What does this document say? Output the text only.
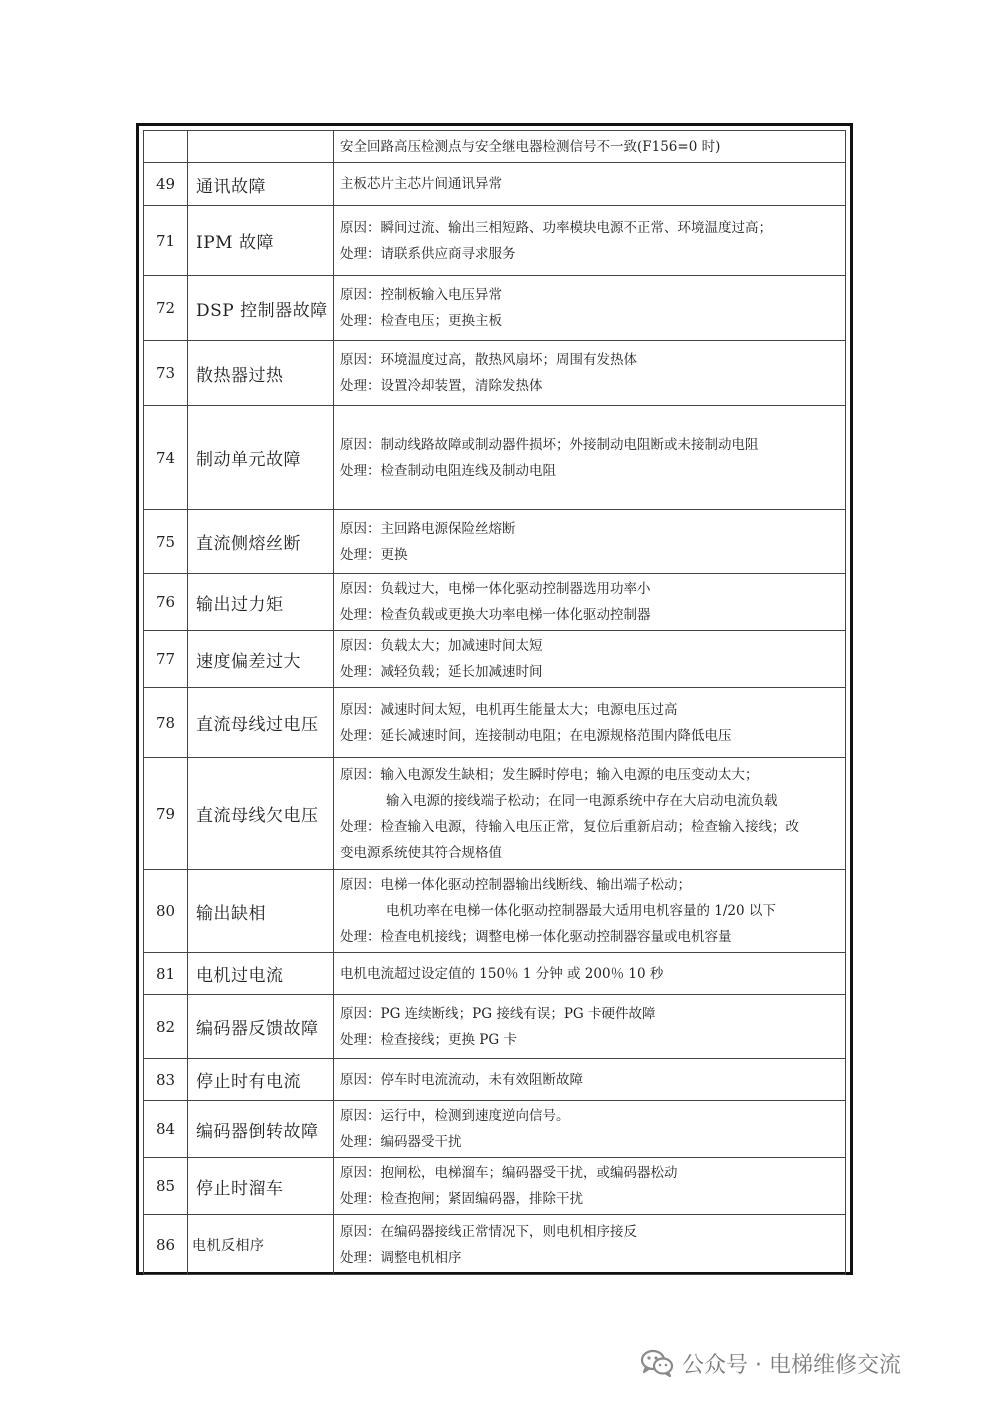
		安全回路高压检测点与安全继电器检测信号不一致(F156=0 时)

49	通讯故障	主板芯片主芯片间通讯异常

71	IPM 故障	原因：瞬间过流、输出三相短路、功率模块电源不正常、环境温度过高；
处理：请联系供应商寻求服务

72	DSP 控制器故障	原因：控制板输入电压异常
处理：检查电压；更换主板

73	散热器过热	原因：环境温度过高，散热风扇坏；周围有发热体
处理：设置冷却装置，清除发热体

74	制动单元故障	原因：制动线路故障或制动器件损坏；外接制动电阻断或未接制动电阻
处理：检查制动电阻连线及制动电阻

75	直流侧熔丝断	原因：主回路电源保险丝熔断
处理：更换

76	输出过力矩	原因：负载过大，电梯一体化驱动控制器选用功率小
处理：检查负载或更换大功率电梯一体化驱动控制器

77	速度偏差过大	原因：负载太大；加减速时间太短
处理：减轻负载；延长加减速时间

78	直流母线过电压	原因：减速时间太短，电机再生能量太大；电源电压过高
处理：延长减速时间，连接制动电阻；在电源规格范围内降低电压

79	直流母线欠电压	原因：输入电源发生缺相；发生瞬时停电；输入电源的电压变动太大；
输入电源的接线端子松动；在同一电源系统中存在大启动电流负载
处理：检查输入电源，待输入电压正常，复位后重新启动；检查输入接线；改
变电源系统使其符合规格值

80	输出缺相	原因：电梯一体化驱动控制器输出线断线、输出端子松动；
电机功率在电梯一体化驱动控制器最大适用电机容量的 1/20 以下
处理：检查电机接线；调整电梯一体化驱动控制器容量或电机容量

81	电机过电流	电机电流超过设定值的 150％ 1 分钟 或 200％ 10 秒

82	编码器反馈故障	原因：PG 连续断线；PG 接线有误；PG 卡硬件故障
处理：检查接线；更换 PG 卡

83	停止时有电流	原因：停车时电流流动，未有效阻断故障

84	编码器倒转故障	原因：运行中，检测到速度逆向信号。
处理：编码器受干扰

85	停止时溜车	原因：抱闸松，电梯溜车；编码器受干扰，或编码器松动
处理：检查抱闸；紧固编码器，排除干扰

86	电机反相序	原因：在编码器接线正常情况下，则电机相序接反
处理：调整电机相序
公众号 · 电梯维修交流
